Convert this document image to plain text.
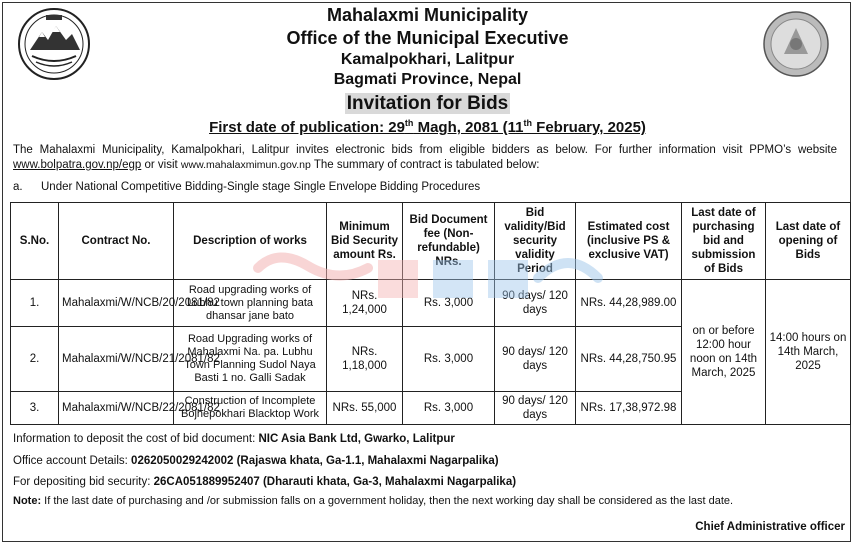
Mahalaxmi Municipality
Office of the Municipal Executive
Kamalpokhari, Lalitpur
Bagmati Province, Nepal
Invitation for Bids
First date of publication: 29th Magh, 2081 (11th February, 2025)
The Mahalaxmi Municipality, Kamalpokhari, Lalitpur invites electronic bids from eligible bidders as below. For further information visit PPMO’s website www.bolpatra.gov.np/egp or visit www.mahalaxmimun.gov.np The summary of contract is tabulated below:
a. Under National Competitive Bidding-Single stage Single Envelope Bidding Procedures
S.No.	Contract No.	Description of works	Minimum Bid Security amount Rs.	Bid Document fee (Non-refundable) NRs.	Bid validity/Bid security validity Period	Estimated cost (inclusive PS & exclusive VAT)	Last date of purchasing bid and submission of Bids	Last date of opening of Bids
1.	Mahalaxmi/W/NCB/20/2081/82	Road upgrading works of Lubhu town planning bata dhansar jane bato	NRs. 1,24,000	Rs. 3,000	90 days/ 120 days	NRs. 44,28,989.00	on or before 12:00 hour noon on 14th March, 2025	14:00 hours on 14th March, 2025
2.	Mahalaxmi/W/NCB/21/2081/82	Road Upgrading works of Mahalaxmi Na. pa. Lubhu Town Planning Sudol Naya Basti 1 no. Galli Sadak	NRs. 1,18,000	Rs. 3,000	90 days/ 120 days	NRs. 44,28,750.95		
3.	Mahalaxmi/W/NCB/22/2081/82	Construction of Incomplete Bojhepokhari Blacktop Work	NRs. 55,000	Rs. 3,000	90 days/ 120 days	NRs. 17,38,972.98		
Information to deposit the cost of bid document: NIC Asia Bank Ltd, Gwarko, Lalitpur
Office account Details: 0262050029242002 (Rajaswa khata, Ga-1.1, Mahalaxmi Nagarpalika)
For depositing bid security: 26CA051889952407 (Dharauti khata, Ga-3, Mahalaxmi Nagarpalika)
Note: If the last date of purchasing and /or submission falls on a government holiday, then the next working day shall be considered as the last date.
Chief Administrative officer
